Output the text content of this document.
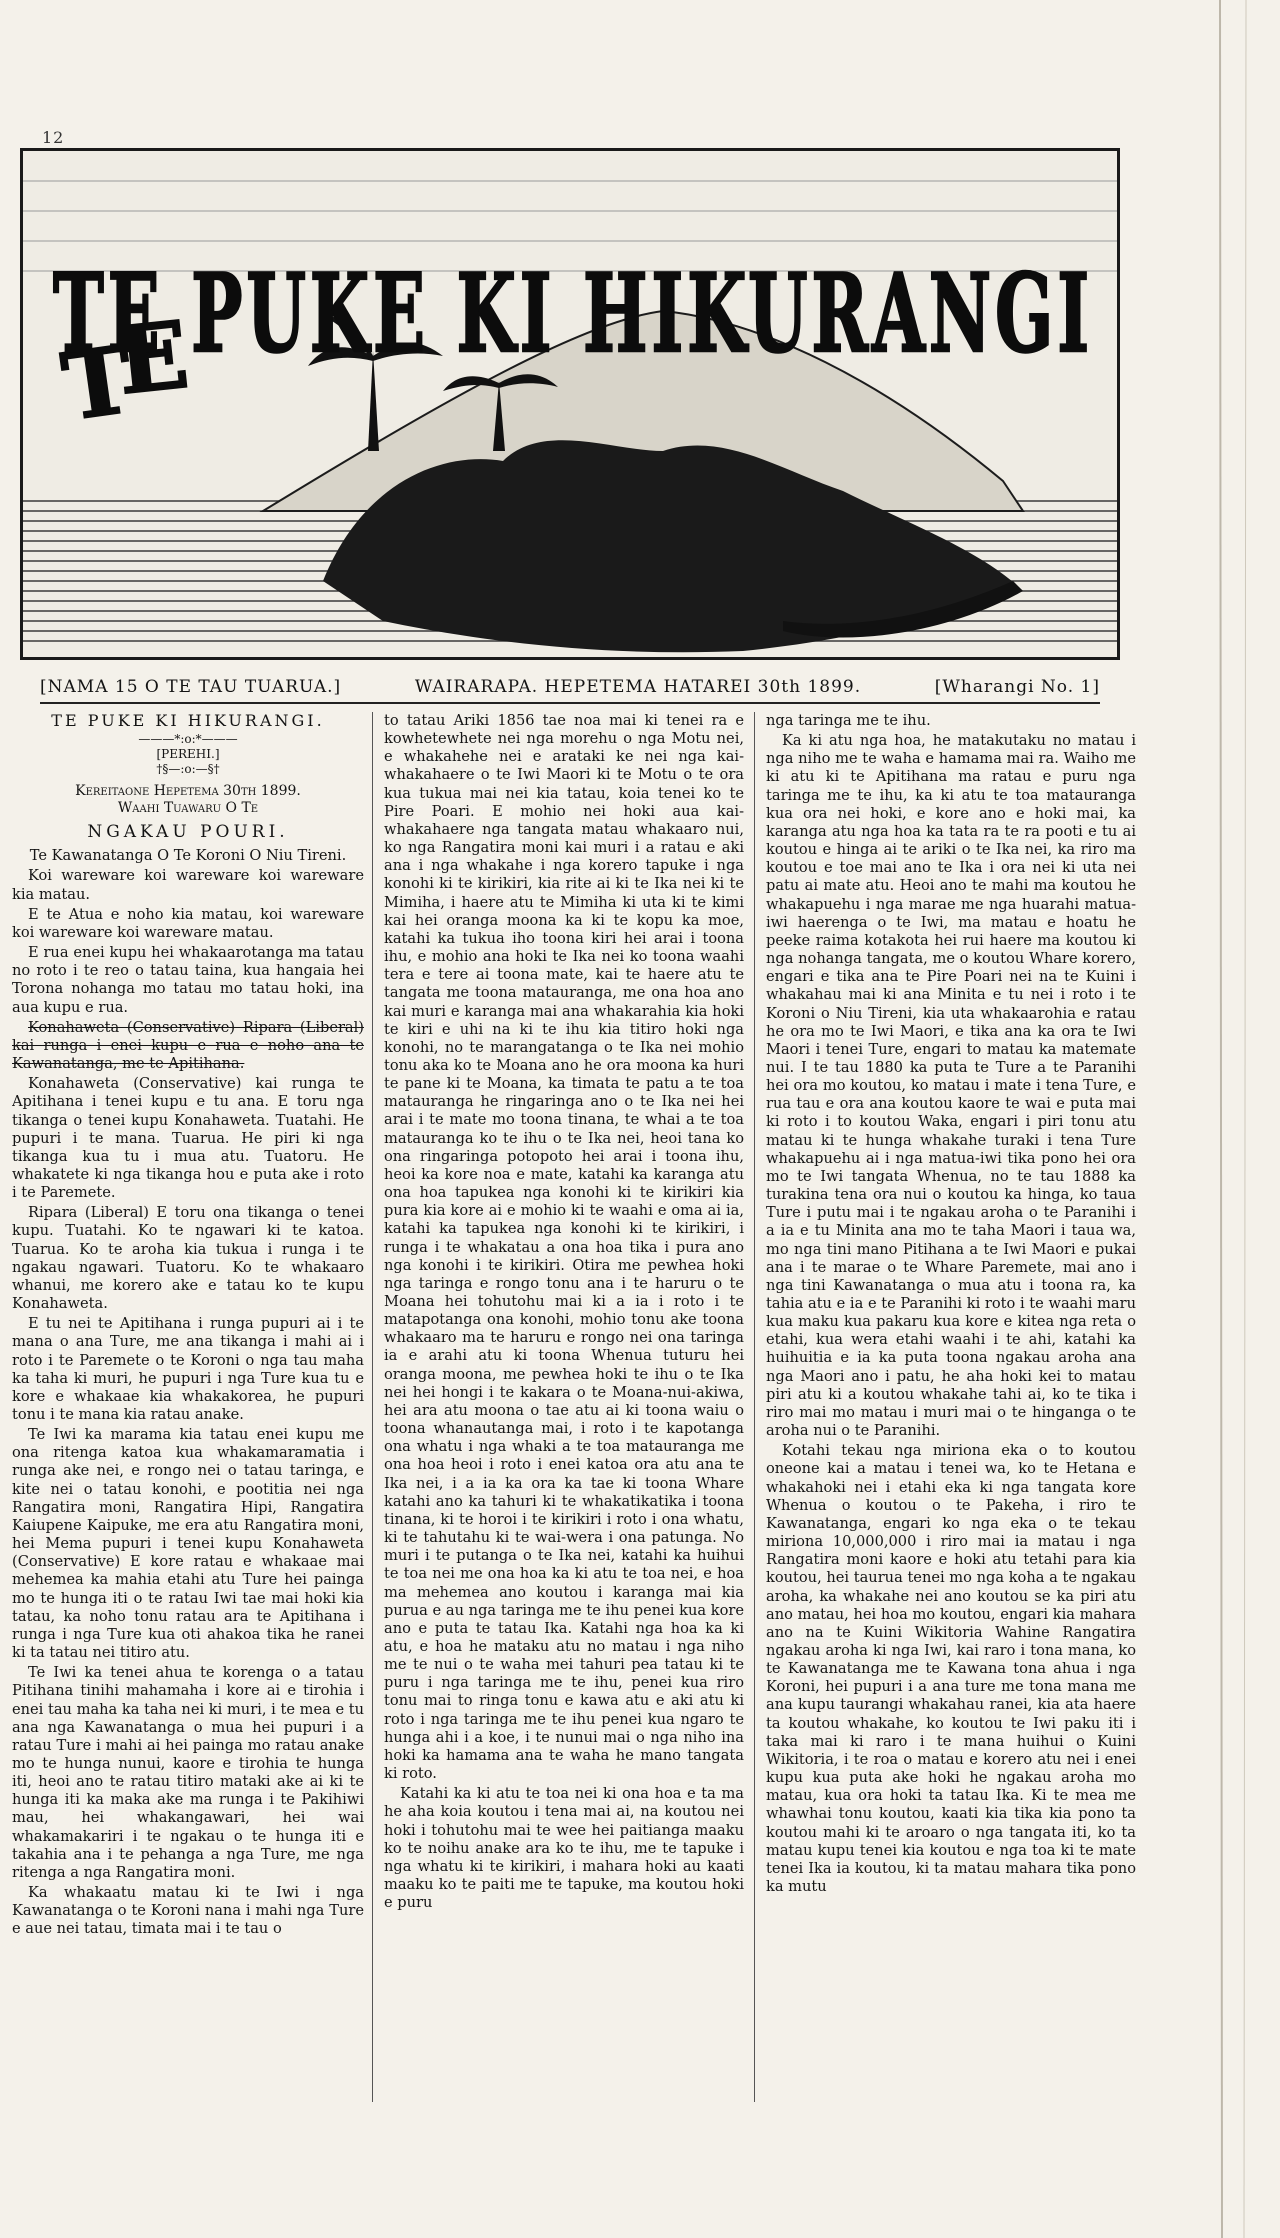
12
T
E
TE PUKE KI HIKURANGI
[NAMA 15 O TE TAU TUARUA.]	WAIRARAPA. HEPETEMA HATAREI 30th 1899.	[Wharangi No. 1]
TE PUKE KI HIKURANGI.
———*:o:*———
[PEREHI.]
†§—:o:—§†
Kereitaone Hepetema 30th 1899.
Waahi Tuawaru O Te
NGAKAU POURI.
Te Kawanatanga O Te Koroni O Niu Tireni.

Koi wareware koi wareware koi wareware kia matau.

E te Atua e noho kia matau, koi wareware koi wareware koi wareware matau.

E rua enei kupu hei whakaarotanga ma tatau no roto i te reo o tatau taina, kua hangaia hei Torona nohanga mo tatau mo tatau hoki, ina aua kupu e rua.

Konahaweta (Conservative) Ripara (Liberal) kai runga i enei kupu e rua e noho ana te Kawanatanga, me te Apitihana.

Konahaweta (Conservative) kai runga te Apitihana i tenei kupu e tu ana. E toru nga tikanga o tenei kupu Konahaweta. Tuatahi. He pupuri i te mana. Tuarua. He piri ki nga tikanga kua tu i mua atu. Tuatoru. He whakatete ki nga tikanga hou e puta ake i roto i te Paremete.

Ripara (Liberal) E toru ona tikanga o tenei kupu. Tuatahi. Ko te ngawari ki te katoa. Tuarua. Ko te aroha kia tukua i runga i te ngakau ngawari. Tuatoru. Ko te whakaaro whanui, me korero ake e tatau ko te kupu Konahaweta.

E tu nei te Apitihana i runga pupuri ai i te mana o ana Ture, me ana tikanga i mahi ai i roto i te Paremete o te Koroni o nga tau maha ka taha ki muri, he pupuri i nga Ture kua tu e kore e whakaae kia whakakorea, he pupuri tonu i te mana kia ratau anake.

Te Iwi ka marama kia tatau enei kupu me ona ritenga katoa kua whakamaramatia i runga ake nei, e rongo nei o tatau taringa, e kite nei o tatau konohi, e pootitia nei nga Rangatira moni, Rangatira Hipi, Rangatira Kaiupene Kaipuke, me era atu Rangatira moni, hei Mema pupuri i tenei kupu Konahaweta (Conservative) E kore ratau e whakaae mai mehemea ka mahia etahi atu Ture hei painga mo te hunga iti o te ratau Iwi tae mai hoki kia tatau, ka noho tonu ratau ara te Apitihana i runga i nga Ture kua oti ahakoa tika he ranei ki ta tatau nei titiro atu.

Te Iwi ka tenei ahua te korenga o a tatau Pitihana tinihi mahamaha i kore ai e tirohia i enei tau maha ka taha nei ki muri, i te mea e tu ana nga Kawanatanga o mua hei pupuri i a ratau Ture i mahi ai hei painga mo ratau anake mo te hunga nunui, kaore e tirohia te hunga iti, heoi ano te ratau titiro mataki ake ai ki te hunga iti ka maka ake ma runga i te Pakihiwi mau, hei whakangawari, hei wai whakamakariri i te ngakau o te hunga iti e takahia ana i te pehanga a nga Ture, me nga ritenga a nga Rangatira moni.

Ka whakaatu matau ki te Iwi i nga Kawanatanga o te Koroni nana i mahi nga Ture e aue nei tatau, timata mai i te tau o

to tatau Ariki 1856 tae noa mai ki tenei ra e kowhetewhete nei nga morehu o nga Motu nei, e whakahehe nei e arataki ke nei nga kai-whakahaere o te Iwi Maori ki te Motu o te ora kua tukua mai nei kia tatau, koia tenei ko te Pire Poari. E mohio nei hoki aua kai-whakahaere nga tangata matau whakaaro nui, ko nga Rangatira moni kai muri i a ratau e aki ana i nga whakahe i nga korero tapuke i nga konohi ki te kirikiri, kia rite ai ki te Ika nei ki te Mimiha, i haere atu te Mimiha ki uta ki te kimi kai hei oranga moona ka ki te kopu ka moe, katahi ka tukua iho toona kiri hei arai i toona ihu, e mohio ana hoki te Ika nei ko toona waahi tera e tere ai toona mate, kai te haere atu te tangata me toona matauranga, me ona hoa ano kai muri e karanga mai ana whakarahia kia hoki te kiri e uhi na ki te ihu kia titiro hoki nga konohi, no te marangatanga o te Ika nei mohio tonu aka ko te Moana ano he ora moona ka huri te pane ki te Moana, ka timata te patu a te toa matauranga he ringaringa ano o te Ika nei hei arai i te mate mo toona tinana, te whai a te toa matauranga ko te ihu o te Ika nei, heoi tana ko ona ringaringa potopoto hei arai i toona ihu, heoi ka kore noa e mate, katahi ka karanga atu ona hoa tapukea nga konohi ki te kirikiri kia pura kia kore ai e mohio ki te waahi e oma ai ia, katahi ka tapukea nga konohi ki te kirikiri, i runga i te whakatau a ona hoa tika i pura ano nga konohi i te kirikiri. Otira me pewhea hoki nga taringa e rongo tonu ana i te haruru o te Moana hei tohutohu mai ki a ia i roto i te matapotanga ona konohi, mohio tonu ake toona whakaaro ma te haruru e rongo nei ona taringa ia e arahi atu ki toona Whenua tuturu hei oranga moona, me pewhea hoki te ihu o te Ika nei hei hongi i te kakara o te Moana-nui-akiwa, hei ara atu moona o tae atu ai ki toona waiu o toona whanautanga mai, i roto i te kapotanga ona whatu i nga whaki a te toa matauranga me ona hoa heoi i roto i enei katoa ora atu ana te Ika nei, i a ia ka ora ka tae ki toona Whare katahi ano ka tahuri ki te whakatikatika i toona tinana, ki te horoi i te kirikiri i roto i ona whatu, ki te tahutahu ki te wai-wera i ona patunga. No muri i te putanga o te Ika nei, katahi ka huihui te toa nei me ona hoa ka ki atu te toa nei, e hoa ma mehemea ano koutou i karanga mai kia purua e au nga taringa me te ihu penei kua kore ano e puta te tatau Ika. Katahi nga hoa ka ki atu, e hoa he mataku atu no matau i nga niho me te nui o te waha mei tahuri pea tatau ki te puru i nga taringa me te ihu, penei kua riro tonu mai to ringa tonu e kawa atu e aki atu ki roto i nga taringa me te ihu penei kua ngaro te hunga ahi i a koe, i te nunui mai o nga niho ina hoki ka hamama ana te waha he mano tangata ki roto.

Katahi ka ki atu te toa nei ki ona hoa e ta ma he aha koia koutou i tena mai ai, na koutou nei hoki i tohutohu mai te wee hei paitianga maaku ko te noihu anake ara ko te ihu, me te tapuke i nga whatu ki te kirikiri, i mahara hoki au kaati maaku ko te paiti me te tapuke, ma koutou hoki e puru

nga taringa me te ihu.

Ka ki atu nga hoa, he matakutaku no matau i nga niho me te waha e hamama mai ra. Waiho me ki atu ki te Apitihana ma ratau e puru nga taringa me te ihu, ka ki atu te toa matauranga kua ora nei hoki, e kore ano e hoki mai, ka karanga atu nga hoa ka tata ra te ra pooti e tu ai koutou e hinga ai te ariki o te Ika nei, ka riro ma koutou e toe mai ano te Ika i ora nei ki uta nei patu ai mate atu. Heoi ano te mahi ma koutou he whakapuehu i nga marae me nga huarahi matua-iwi haerenga o te Iwi, ma matau e hoatu he peeke raima kotakota hei rui haere ma koutou ki nga nohanga tangata, me o koutou Whare korero, engari e tika ana te Pire Poari nei na te Kuini i whakahau mai ki ana Minita e tu nei i roto i te Koroni o Niu Tireni, kia uta whakaarohia e ratau he ora mo te Iwi Maori, e tika ana ka ora te Iwi Maori i tenei Ture, engari to matau ka matemate nui. I te tau 1880 ka puta te Ture a te Paranihi hei ora mo koutou, ko matau i mate i tena Ture, e rua tau e ora ana koutou kaore te wai e puta mai ki roto i to koutou Waka, engari i piri tonu atu matau ki te hunga whakahe turaki i tena Ture whakapuehu ai i nga matua-iwi tika pono hei ora mo te Iwi tangata Whenua, no te tau 1888 ka turakina tena ora nui o koutou ka hinga, ko taua Ture i putu mai i te ngakau aroha o te Paranihi i a ia e tu Minita ana mo te taha Maori i taua wa, mo nga tini mano Pitihana a te Iwi Maori e pukai ana i te marae o te Whare Paremete, mai ano i nga tini Kawanatanga o mua atu i toona ra, ka tahia atu e ia e te Paranihi ki roto i te waahi maru kua maku kua pakaru kua kore e kitea nga reta o etahi, kua wera etahi waahi i te ahi, katahi ka huihuitia e ia ka puta toona ngakau aroha ana nga Maori ano i patu, he aha hoki kei to matau piri atu ki a koutou whakahe tahi ai, ko te tika i riro mai mo matau i muri mai o te hinganga o te aroha nui o te Paranihi.

Kotahi tekau nga miriona eka o to koutou oneone kai a matau i tenei wa, ko te Hetana e whakahoki nei i etahi eka ki nga tangata kore Whenua o koutou o te Pakeha, i riro te Kawanatanga, engari ko nga eka o te tekau miriona 10,000,000 i riro mai ia matau i nga Rangatira moni kaore e hoki atu tetahi para kia koutou, hei taurua tenei mo nga koha a te ngakau aroha, ka whakahe nei ano koutou se ka piri atu ano matau, hei hoa mo koutou, engari kia mahara ano na te Kuini Wikitoria Wahine Rangatira ngakau aroha ki nga Iwi, kai raro i tona mana, ko te Kawanatanga me te Kawana tona ahua i nga Koroni, hei pupuri i a ana ture me tona mana me ana kupu taurangi whakahau ranei, kia ata haere ta koutou whakahe, ko koutou te Iwi paku iti i taka mai ki raro i te mana huihui o Kuini Wikitoria, i te roa o matau e korero atu nei i enei kupu kua puta ake hoki he ngakau aroha mo matau, kua ora hoki ta tatau Ika. Ki te mea me whawhai tonu koutou, kaati kia tika kia pono ta koutou mahi ki te aroaro o nga tangata iti, ko ta matau kupu tenei kia koutou e nga toa ki te mate tenei Ika ia koutou, ki ta matau mahara tika pono ka mutu
